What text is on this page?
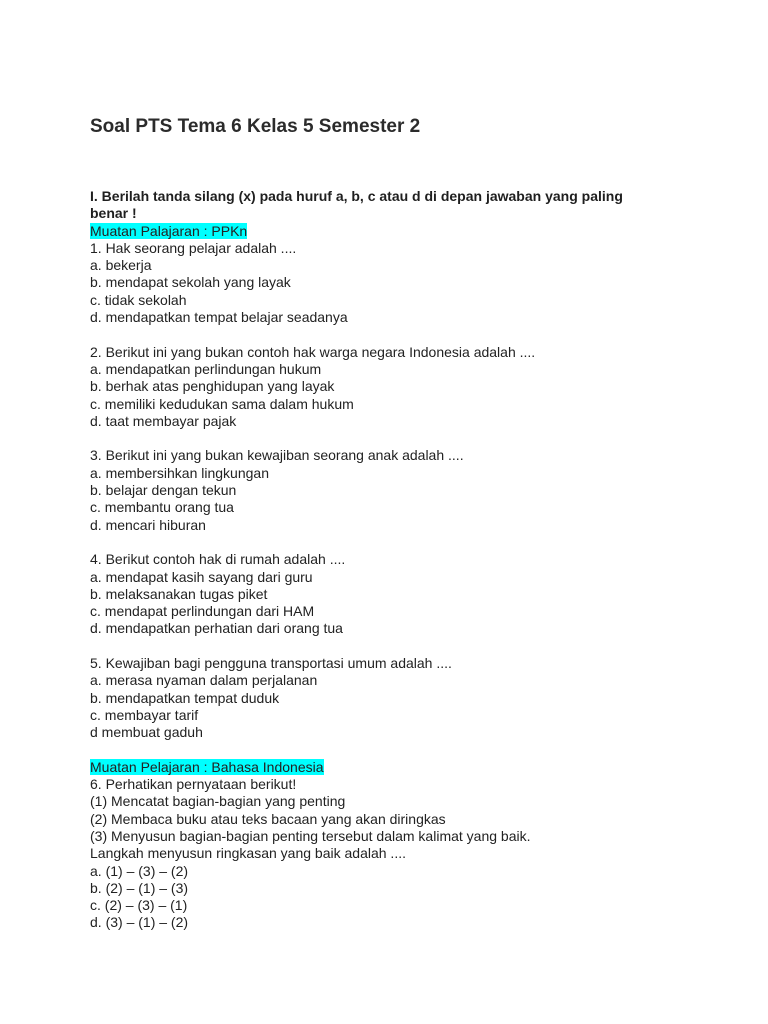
Soal PTS Tema 6 Kelas 5 Semester 2
I. Berilah tanda silang (x) pada huruf a, b, c atau d di depan jawaban yang paling benar !
Muatan Palajaran : PPKn
1. Hak seorang pelajar adalah ....
a. bekerja
b. mendapat sekolah yang layak
c. tidak sekolah
d. mendapatkan tempat belajar seadanya
2. Berikut ini yang bukan contoh hak warga negara Indonesia adalah ....
a. mendapatkan perlindungan hukum
b. berhak atas penghidupan yang layak
c. memiliki kedudukan sama dalam hukum
d. taat membayar pajak
3. Berikut ini yang bukan kewajiban seorang anak adalah ....
a. membersihkan lingkungan
b. belajar dengan tekun
c. membantu orang tua
d. mencari hiburan
4. Berikut contoh hak di rumah adalah ....
a. mendapat kasih sayang dari guru
b. melaksanakan tugas piket
c. mendapat perlindungan dari HAM
d. mendapatkan perhatian dari orang tua
5. Kewajiban bagi pengguna transportasi umum adalah ....
a. merasa nyaman dalam perjalanan
b. mendapatkan tempat duduk
c. membayar tarif
d membuat gaduh
Muatan Pelajaran : Bahasa Indonesia
6. Perhatikan pernyataan berikut!
(1) Mencatat bagian-bagian yang penting
(2) Membaca buku atau teks bacaan yang akan diringkas
(3) Menyusun bagian-bagian penting tersebut dalam kalimat yang baik.
Langkah menyusun ringkasan yang baik adalah ....
a. (1) – (3) – (2)
b. (2) – (1) – (3)
c. (2) – (3) – (1)
d. (3) – (1) – (2)
